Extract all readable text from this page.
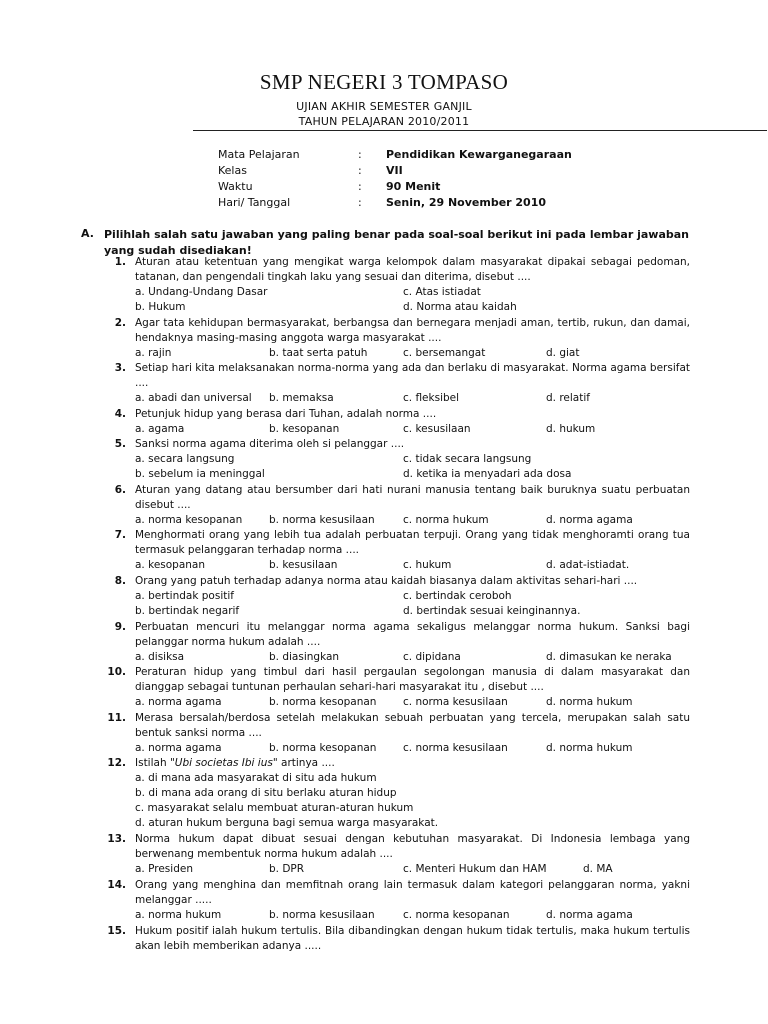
SMP NEGERI 3 TOMPASO
UJIAN AKHIR SEMESTER GANJIL
TAHUN PELAJARAN 2010/2011
Mata Pelajaran	: Pendidikan Kewarganegaraan
Kelas	: VII
Waktu	: 90 Menit
Hari/ Tanggal	: Senin, 29 November 2010
A. Pilihlah salah satu jawaban yang paling benar pada soal-soal berikut ini pada lembar jawaban yang sudah disediakan!
1. Aturan atau ketentuan yang mengikat warga kelompok dalam masyarakat dipakai sebagai pedoman, tatanan, dan pengendali tingkah laku yang sesuai dan diterima, disebut ....
a. Undang-Undang Dasar	c. Atas istiadat
b. Hukum	d. Norma atau kaidah
2. Agar tata kehidupan bermasyarakat, berbangsa dan bernegara menjadi aman, tertib, rukun, dan damai, hendaknya masing-masing anggota warga masyarakat ....
a. rajin	b. taat serta patuh	c. bersemangat	d. giat
3. Setiap hari kita melaksanakan norma-norma yang ada dan berlaku di masyarakat. Norma agama bersifat ....
a. abadi dan universal b. memaksa	c. fleksibel	d. relatif
4. Petunjuk hidup yang berasa dari Tuhan, adalah norma ....
a. agama	b. kesopanan	c. kesusilaan	d. hukum
5. Sanksi norma agama diterima oleh si pelanggar ....
a. secara langsung	c. tidak secara langsung
b. sebelum ia meninggal	d. ketika ia menyadari ada dosa
6. Aturan yang datang atau bersumber dari hati nurani manusia tentang baik buruknya suatu perbuatan disebut ....
a. norma kesopanan	b. norma kesusilaan	c. norma hukum	d. norma agama
7. Menghormati orang yang lebih tua adalah perbuatan terpuji. Orang yang tidak menghoramti orang tua termasuk pelanggaran terhadap norma ....
a. kesopanan	b. kesusilaan	c. hukum	d. adat-istiadat.
8. Orang yang patuh terhadap adanya norma atau kaidah biasanya dalam aktivitas sehari-hari ....
a. bertindak positif	c. bertindak ceroboh
b. bertindak negarif	d. bertindak sesuai keinginannya.
9. Perbuatan mencuri itu melanggar norma agama sekaligus melanggar norma hukum. Sanksi bagi pelanggar norma hukum adalah ....
a. disiksa	b. diasingkan	c. dipidana	d. dimasukan ke neraka
10. Peraturan hidup yang timbul dari hasil pergaulan segolongan manusia di dalam masyarakat dan dianggap sebagai tuntunan perhaulan sehari-hari masyarakat itu , disebut ....
a. norma agama	b. norma kesopanan	c. norma kesusilaan	d. norma hukum
11. Merasa bersalah/berdosa setelah melakukan sebuah perbuatan yang tercela, merupakan salah satu bentuk sanksi norma ....
a. norma agama	b. norma kesopanan	c. norma kesusilaan	d. norma hukum
12. Istilah "Ubi societas Ibi ius" artinya ....
a. di mana ada masyarakat di situ ada hukum
b. di mana ada orang di situ berlaku aturan hidup
c. masyarakat selalu membuat aturan-aturan hukum
d. aturan hukum berguna bagi semua warga masyarakat.
13. Norma hukum dapat dibuat sesuai dengan kebutuhan masyarakat. Di Indonesia lembaga yang berwenang membentuk norma hukum adalah ....
a. Presiden	b. DPR	c. Menteri Hukum dan HAM	d. MA
14. Orang yang menghina dan memfitnah orang lain termasuk dalam kategori pelanggaran norma, yakni melanggar .....
a. norma hukum	b. norma kesusilaan	c. norma kesopanan	d. norma agama
15. Hukum positif ialah hukum tertulis. Bila dibandingkan dengan hukum tidak tertulis, maka hukum tertulis akan lebih memberikan adanya .....
